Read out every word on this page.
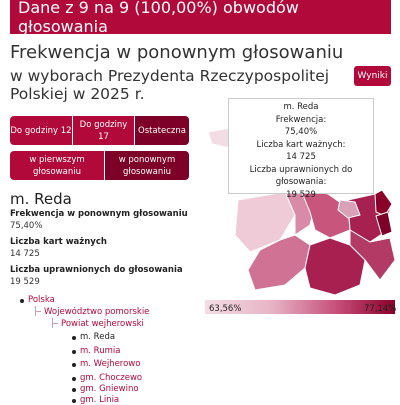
Dane z 9 na 9 (100,00%) obwodów głosowania
Frekwencja w ponownym głosowaniu
w wyborach Prezydenta Rzeczypospolitej Polskiej w 2025 r.
Wyniki
Do godziny 12
Do godziny 17
Ostateczna
w pierwszym głosowaniu
w ponownym głosowaniu
m. Reda
Frekwencja w ponownym głosowaniu
75,40%
Liczba kart ważnych
14 725
Liczba uprawnionych do głosowania
19 529
Polska
Województwo pomorskie
Powiat wejherowski
m. Reda
m. Rumia
m. Wejherowo
gm. Choczewo
gm. Gniewino
gm. Linia
m. Reda
Frekwencja:
75,40%
Liczba kart ważnych:
14 725
Liczba uprawnionych do głosowania:
19 529
63,56%	77,14%
